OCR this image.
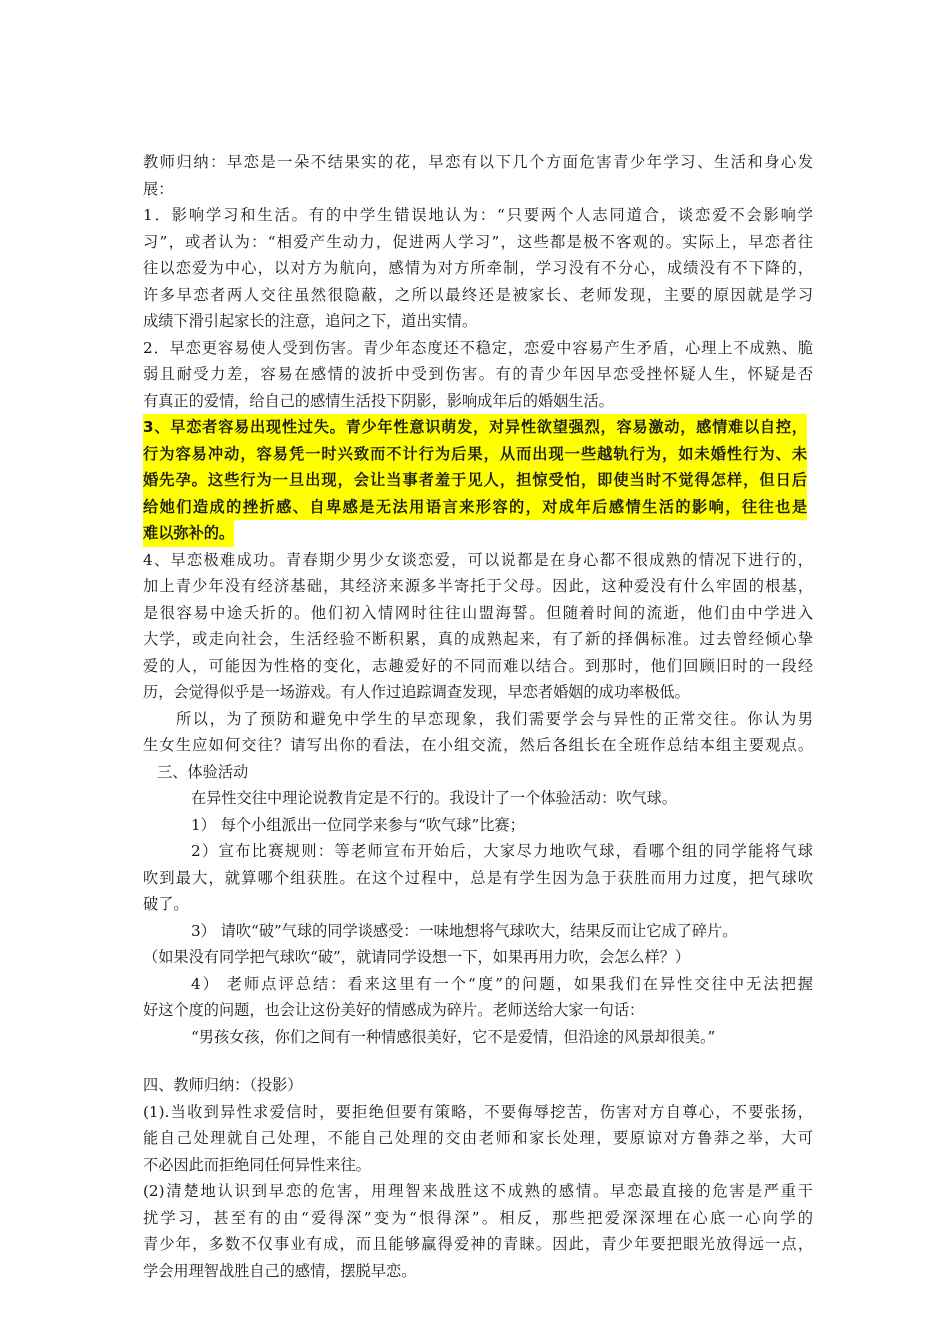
教师归纳：早恋是一朵不结果实的花，早恋有以下几个方面危害青少年学习、生活和身心发
展：
1．影响学习和生活。有的中学生错误地认为：“只要两个人志同道合，谈恋爱不会影响学
习”，或者认为：“相爱产生动力，促进两人学习”，这些都是极不客观的。实际上，早恋者往
往以恋爱为中心，以对方为航向，感情为对方所牵制，学习没有不分心，成绩没有不下降的，
许多早恋者两人交往虽然很隐蔽，之所以最终还是被家长、老师发现，主要的原因就是学习
成绩下滑引起家长的注意，追问之下，道出实情。
2．早恋更容易使人受到伤害。青少年态度还不稳定，恋爱中容易产生矛盾，心理上不成熟、脆
弱且耐受力差，容易在感情的波折中受到伤害。有的青少年因早恋受挫怀疑人生，怀疑是否
有真正的爱情，给自己的感情生活投下阴影，影响成年后的婚姻生活。
3、早恋者容易出现性过失。青少年性意识萌发，对异性欲望强烈，容易激动，感情难以自控，
行为容易冲动，容易凭一时兴致而不计行为后果，从而出现一些越轨行为，如未婚性行为、未
婚先孕。这些行为一旦出现，会让当事者羞于见人，担惊受怕，即使当时不觉得怎样，但日后
给她们造成的挫折感、自卑感是无法用语言来形容的，对成年后感情生活的影响，往往也是
难以弥补的。
4、早恋极难成功。青春期少男少女谈恋爱，可以说都是在身心都不很成熟的情况下进行的，
加上青少年没有经济基础，其经济来源多半寄托于父母。因此，这种爱没有什么牢固的根基，
是很容易中途夭折的。他们初入情网时往往山盟海誓。但随着时间的流逝，他们由中学进入
大学，或走向社会，生活经验不断积累，真的成熟起来，有了新的择偶标准。过去曾经倾心挚
爱的人，可能因为性格的变化，志趣爱好的不同而难以结合。到那时，他们回顾旧时的一段经
历，会觉得似乎是一场游戏。有人作过追踪调查发现，早恋者婚姻的成功率极低。
所以，为了预防和避免中学生的早恋现象，我们需要学会与异性的正常交往。你认为男
生女生应如何交往？请写出你的看法，在小组交流，然后各组长在全班作总结本组主要观点。
三、体验活动
在异性交往中理论说教肯定是不行的。我设计了一个体验活动：吹气球。
1） 每个小组派出一位同学来参与“吹气球”比赛；
2）宣布比赛规则：等老师宣布开始后，大家尽力地吹气球，看哪个组的同学能将气球
吹到最大，就算哪个组获胜。在这个过程中，总是有学生因为急于获胜而用力过度，把气球吹
破了。
3） 请吹“破”气球的同学谈感受：一味地想将气球吹大，结果反而让它成了碎片。
（如果没有同学把气球吹“破”，就请同学设想一下，如果再用力吹，会怎么样？）
4） 老师点评总结：看来这里有一个“度”的问题，如果我们在异性交往中无法把握
好这个度的问题，也会让这份美好的情感成为碎片。老师送给大家一句话：
“男孩女孩，你们之间有一种情感很美好，它不是爱情，但沿途的风景却很美。”
四、教师归纳：（投影）
(1).当收到异性求爱信时，要拒绝但要有策略，不要侮辱挖苦，伤害对方自尊心，不要张扬，
能自己处理就自己处理，不能自己处理的交由老师和家长处理，要原谅对方鲁莽之举，大可
不必因此而拒绝同任何异性来往。
(2)清楚地认识到早恋的危害，用理智来战胜这不成熟的感情。早恋最直接的危害是严重干
扰学习，甚至有的由“爱得深”变为“恨得深”。相反，那些把爱深深埋在心底一心向学的
青少年，多数不仅事业有成，而且能够赢得爱神的青睐。因此，青少年要把眼光放得远一点，
学会用理智战胜自己的感情，摆脱早恋。
